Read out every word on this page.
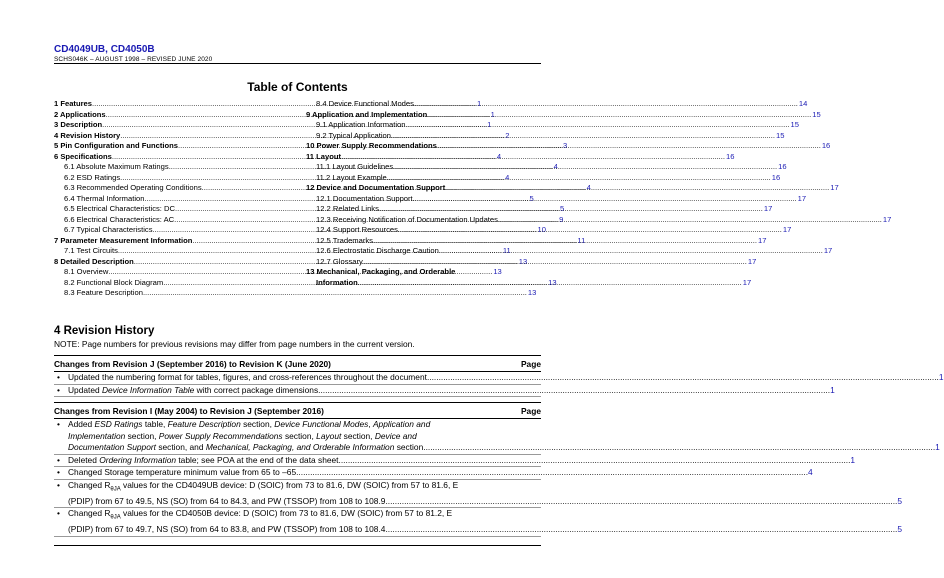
CD4049UB, CD4050B
SCHS046K – AUGUST 1998 – REVISED JUNE 2020
Table of Contents
1 Features .....	1
2 Applications .....	1
3 Description .....	1
4 Revision History .....	2
5 Pin Configuration and Functions .....	3
6 Specifications .....	4
6.1 Absolute Maximum Ratings .....	4
6.2 ESD Ratings .....	4
6.3 Recommended Operating Conditions .....	4
6.4 Thermal Information .....	5
6.5 Electrical Characteristics: DC .....	5
6.6 Electrical Characteristics: AC .....	9
6.7 Typical Characteristics .....	10
7 Parameter Measurement Information .....	11
7.1 Test Circuits .....	11
8 Detailed Description .....	13
8.1 Overview .....	13
8.2 Functional Block Diagram .....	13
8.3 Feature Description .....	13
8.4 Device Functional Modes .....	14
9 Application and Implementation .....	15
9.1 Application Information .....	15
9.2 Typical Application .....	15
10 Power Supply Recommendations .....	16
11 Layout .....	16
11.1 Layout Guidelines .....	16
11.2 Layout Example .....	16
12 Device and Documentation Support .....	17
12.1 Documentation Support .....	17
12.2 Related Links .....	17
12.3 Receiving Notification of Documentation Updates .....	17
12.4 Support Resources .....	17
12.5 Trademarks .....	17
12.6 Electrostatic Discharge Caution .....	17
12.7 Glossary .....	17
13 Mechanical, Packaging, and Orderable
Information .....	17
4 Revision History
NOTE: Page numbers for previous revisions may differ from page numbers in the current version.
Changes from Revision J (September 2016) to Revision K (June 2020)	Page
• Updated the numbering format for tables, figures, and cross-references throughout the document .....	1
• Updated Device Information Table with correct package dimensions .....	1
Changes from Revision I (May 2004) to Revision J (September 2016)	Page
• Added ESD Ratings table, Feature Description section, Device Functional Modes, Application and
Implementation section, Power Supply Recommendations section, Layout section, Device and
Documentation Support section, and Mechanical, Packaging, and Orderable Information section .....	1
• Deleted Ordering Information table; see POA at the end of the data sheet .....	1
• Changed Storage temperature minimum value from 65 to –65 .....	4
• Changed $R_{\theta JA}$ values for the CD4049UB device: D (SOIC) from 73 to 81.6, DW (SOIC) from 57 to 81.6, E
(PDIP) from 67 to 49.5, NS (SO) from 64 to 84.3, and PW (TSSOP) from 108 to 108.9 .....	5
• Changed $R_{\theta JA}$ values for the CD4050B device: D (SOIC) from 73 to 81.6, DW (SOIC) from 57 to 81.2, E
(PDIP) from 67 to 49.7, NS (SO) from 64 to 83.8, and PW (TSSOP) from 108 to 108.4 .....	5
